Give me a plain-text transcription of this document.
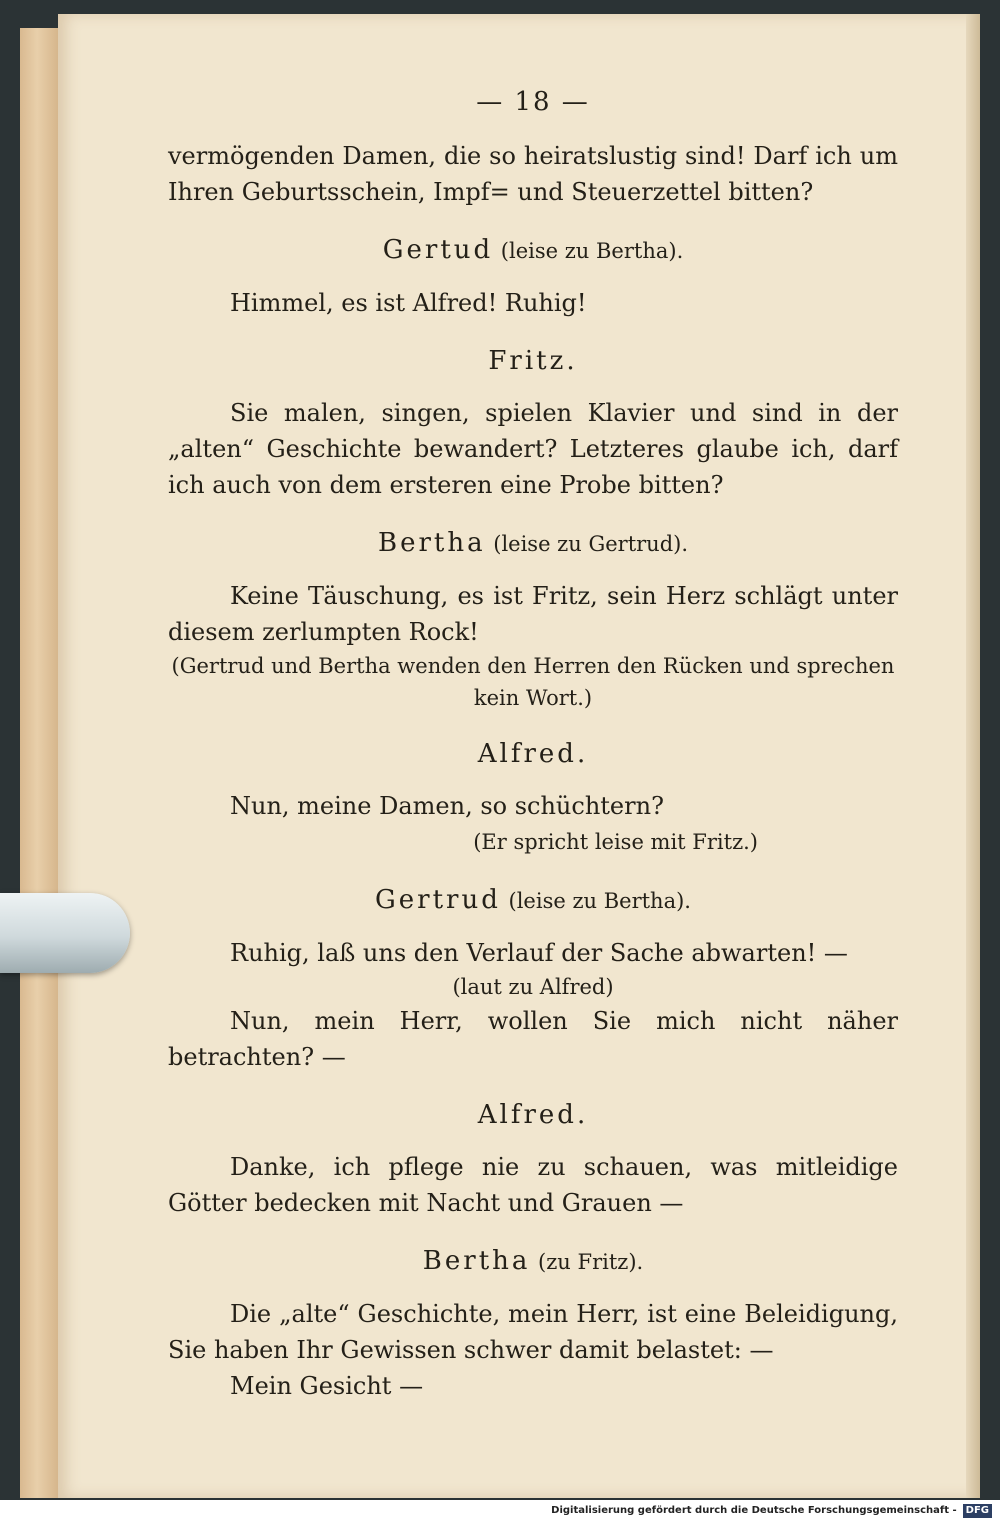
— 18 —
vermögenden Damen, die so heiratslustig sind! Darf ich um Ihren Geburtsschein, Impf= und Steuerzettel bitten?
Gertud (leise zu Bertha).
Himmel, es ist Alfred! Ruhig!
Fritz.
Sie malen, singen, spielen Klavier und sind in der „alten“ Geschichte bewandert? Letzteres glaube ich, darf ich auch von dem ersteren eine Probe bitten?
Bertha (leise zu Gertrud).
Keine Täuschung, es ist Fritz, sein Herz schlägt unter diesem zerlumpten Rock!
(Gertrud und Bertha wenden den Herren den Rücken und sprechen kein Wort.)
Alfred.
Nun, meine Damen, so schüchtern?
(Er spricht leise mit Fritz.)
Gertrud (leise zu Bertha).
Ruhig, laß uns den Verlauf der Sache abwarten! —
(laut zu Alfred)
Nun, mein Herr, wollen Sie mich nicht näher betrachten? —
Alfred.
Danke, ich pflege nie zu schauen, was mitleidige Götter bedecken mit Nacht und Grauen —
Bertha (zu Fritz).
Die „alte“ Geschichte, mein Herr, ist eine Beleidigung, Sie haben Ihr Gewissen schwer damit belastet: —
Mein Gesicht —
Digitalisierung gefördert durch die Deutsche Forschungsgemeinschaft - DFG
